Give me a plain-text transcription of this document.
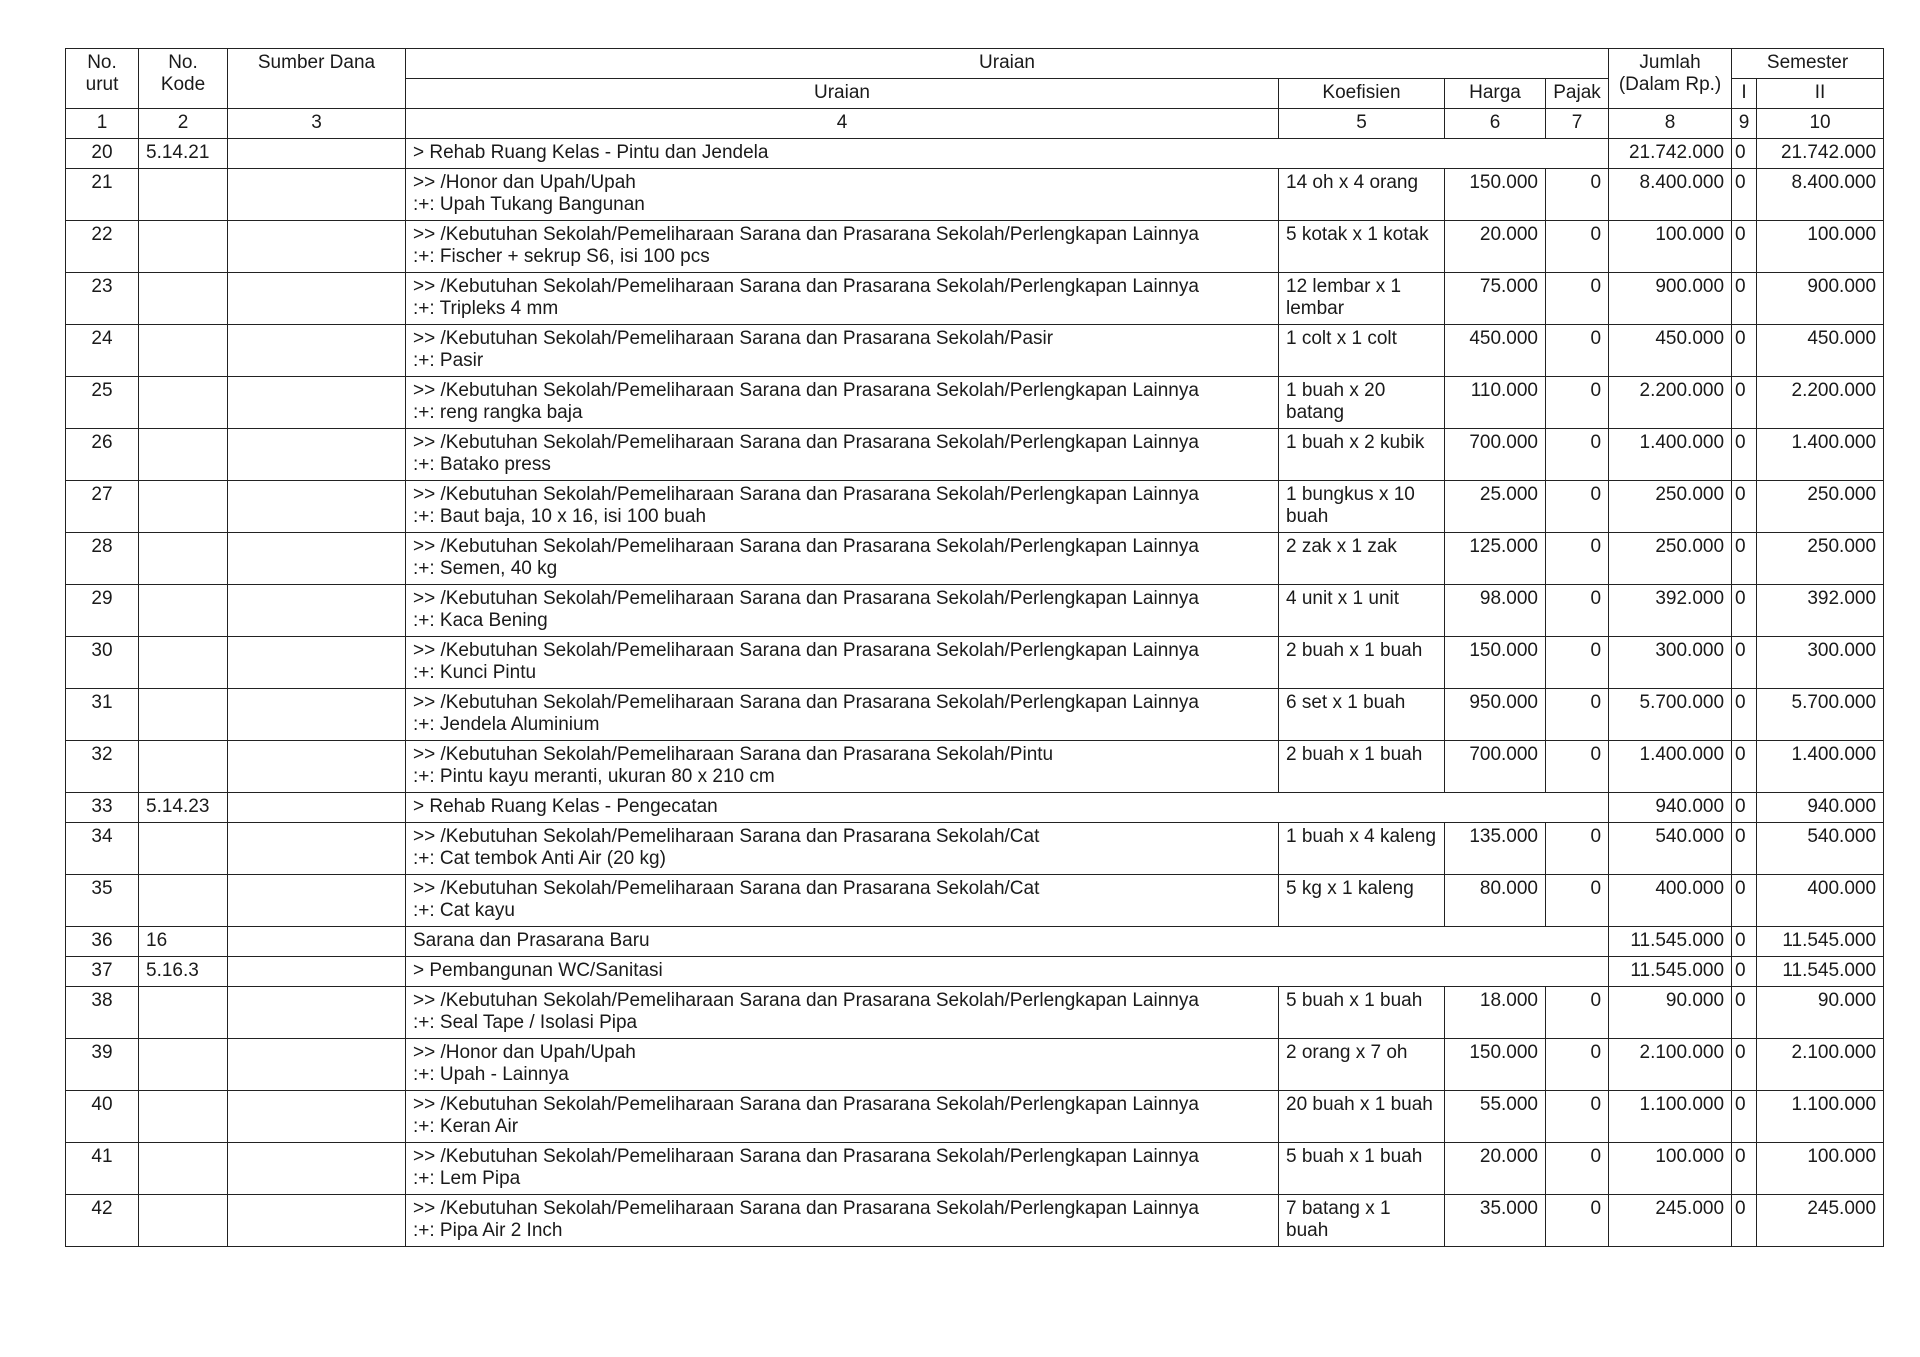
No.
urut	No.
Kode	Sumber Dana	Uraian				Jumlah
(Dalam Rp.)	Semester	
			Uraian	Koefisien	Harga	Pajak		I	II
1	2	3	4	5	6	7	8	9	10
20	5.14.21		> Rehab Ruang Kelas - Pintu dan Jendela				21.742.000	0	21.742.000
21			>> /Honor dan Upah/Upah
:+: Upah Tukang Bangunan	14 oh x 4 orang	150.000	0	8.400.000	0	8.400.000
22			>> /Kebutuhan Sekolah/Pemeliharaan Sarana dan Prasarana Sekolah/Perlengkapan Lainnya
:+: Fischer + sekrup S6, isi 100 pcs	5 kotak x 1 kotak	20.000	0	100.000	0	100.000
23			>> /Kebutuhan Sekolah/Pemeliharaan Sarana dan Prasarana Sekolah/Perlengkapan Lainnya
:+: Tripleks 4 mm	12 lembar x 1 lembar	75.000	0	900.000	0	900.000
24			>> /Kebutuhan Sekolah/Pemeliharaan Sarana dan Prasarana Sekolah/Pasir
:+: Pasir	1 colt x 1 colt	450.000	0	450.000	0	450.000
25			>> /Kebutuhan Sekolah/Pemeliharaan Sarana dan Prasarana Sekolah/Perlengkapan Lainnya
:+: reng rangka baja	1 buah x 20 batang	110.000	0	2.200.000	0	2.200.000
26			>> /Kebutuhan Sekolah/Pemeliharaan Sarana dan Prasarana Sekolah/Perlengkapan Lainnya
:+: Batako press	1 buah x 2 kubik	700.000	0	1.400.000	0	1.400.000
27			>> /Kebutuhan Sekolah/Pemeliharaan Sarana dan Prasarana Sekolah/Perlengkapan Lainnya
:+: Baut baja, 10 x 16, isi 100 buah	1 bungkus x 10 buah	25.000	0	250.000	0	250.000
28			>> /Kebutuhan Sekolah/Pemeliharaan Sarana dan Prasarana Sekolah/Perlengkapan Lainnya
:+: Semen, 40 kg	2 zak x 1 zak	125.000	0	250.000	0	250.000
29			>> /Kebutuhan Sekolah/Pemeliharaan Sarana dan Prasarana Sekolah/Perlengkapan Lainnya
:+: Kaca Bening	4 unit x 1 unit	98.000	0	392.000	0	392.000
30			>> /Kebutuhan Sekolah/Pemeliharaan Sarana dan Prasarana Sekolah/Perlengkapan Lainnya
:+: Kunci Pintu	2 buah x 1 buah	150.000	0	300.000	0	300.000
31			>> /Kebutuhan Sekolah/Pemeliharaan Sarana dan Prasarana Sekolah/Perlengkapan Lainnya
:+: Jendela Aluminium	6 set x 1 buah	950.000	0	5.700.000	0	5.700.000
32			>> /Kebutuhan Sekolah/Pemeliharaan Sarana dan Prasarana Sekolah/Pintu
:+: Pintu kayu meranti, ukuran 80 x 210 cm	2 buah x 1 buah	700.000	0	1.400.000	0	1.400.000
33	5.14.23		> Rehab Ruang Kelas - Pengecatan				940.000	0	940.000
34			>> /Kebutuhan Sekolah/Pemeliharaan Sarana dan Prasarana Sekolah/Cat
:+: Cat tembok Anti Air (20 kg)	1 buah x 4 kaleng	135.000	0	540.000	0	540.000
35			>> /Kebutuhan Sekolah/Pemeliharaan Sarana dan Prasarana Sekolah/Cat
:+: Cat kayu	5 kg x 1 kaleng	80.000	0	400.000	0	400.000
36	16		Sarana dan Prasarana Baru				11.545.000	0	11.545.000
37	5.16.3		> Pembangunan WC/Sanitasi				11.545.000	0	11.545.000
38			>> /Kebutuhan Sekolah/Pemeliharaan Sarana dan Prasarana Sekolah/Perlengkapan Lainnya
:+: Seal Tape / Isolasi Pipa	5 buah x 1 buah	18.000	0	90.000	0	90.000
39			>> /Honor dan Upah/Upah
:+: Upah - Lainnya	2 orang x 7 oh	150.000	0	2.100.000	0	2.100.000
40			>> /Kebutuhan Sekolah/Pemeliharaan Sarana dan Prasarana Sekolah/Perlengkapan Lainnya
:+: Keran Air	20 buah x 1 buah	55.000	0	1.100.000	0	1.100.000
41			>> /Kebutuhan Sekolah/Pemeliharaan Sarana dan Prasarana Sekolah/Perlengkapan Lainnya
:+: Lem Pipa	5 buah x 1 buah	20.000	0	100.000	0	100.000
42			>> /Kebutuhan Sekolah/Pemeliharaan Sarana dan Prasarana Sekolah/Perlengkapan Lainnya
:+: Pipa Air 2 Inch	7 batang x 1 buah	35.000	0	245.000	0	245.000
